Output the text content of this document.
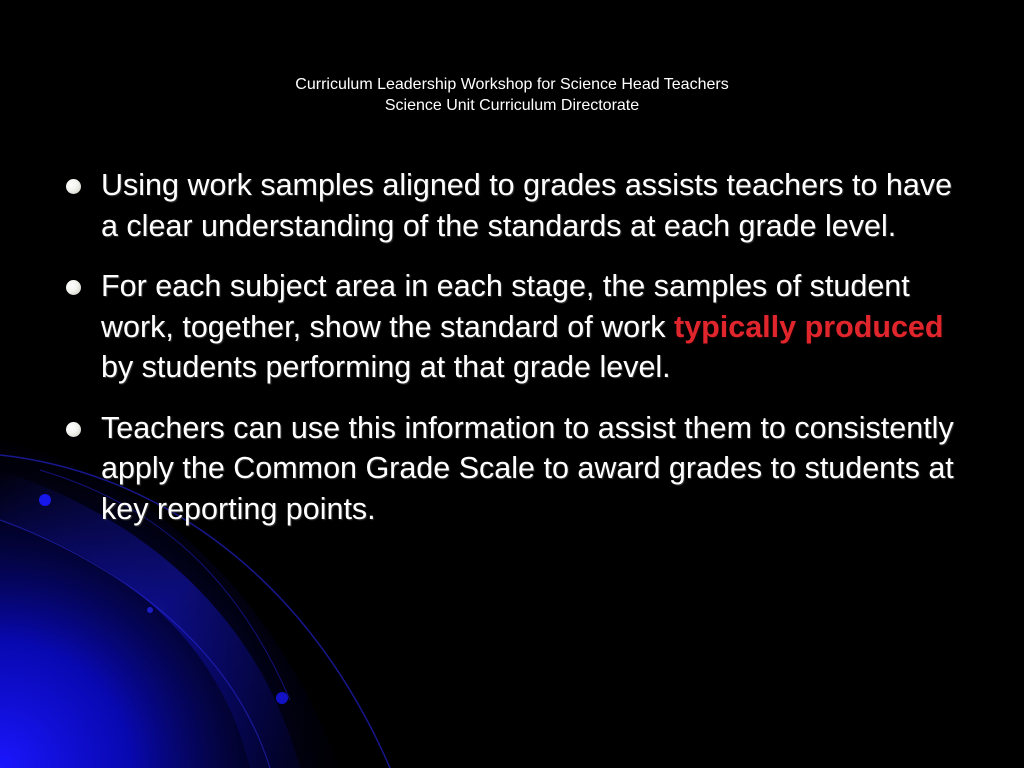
Curriculum Leadership Workshop for Science Head Teachers
Science Unit Curriculum Directorate
Using work samples aligned to grades assists teachers to have a clear understanding of the standards at each grade level.
For each subject area in each stage, the samples of student work, together, show the standard of work typically produced by students performing at that grade level.
Teachers can use this information to assist them to consistently apply the Common Grade Scale to award grades to students at key reporting points.
